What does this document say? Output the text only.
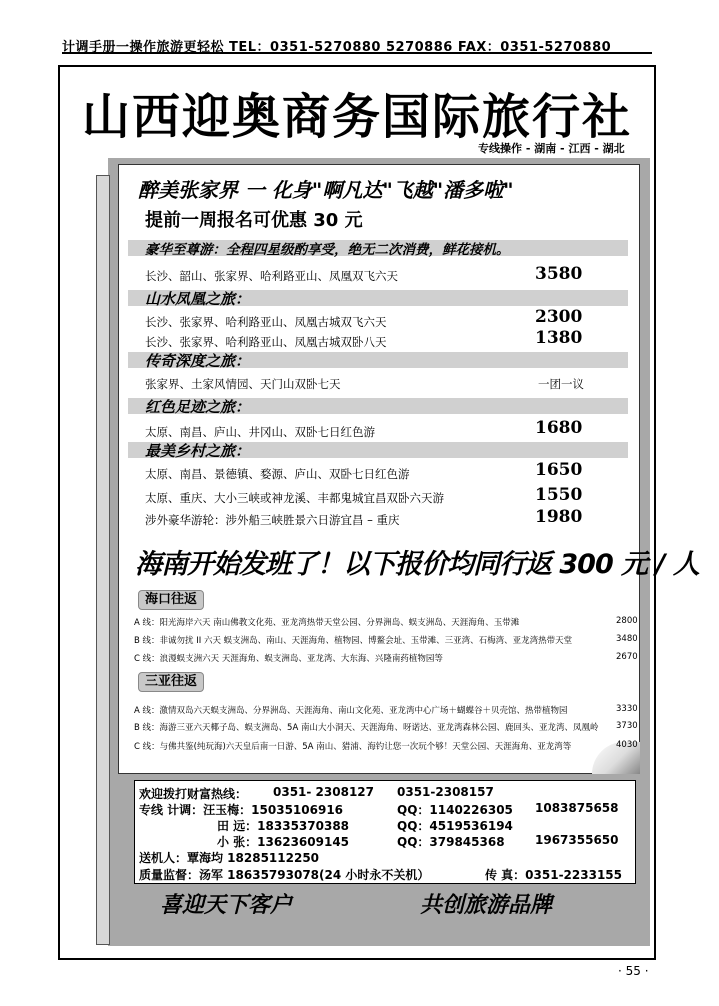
计调手册一操作旅游更轻松 TEL：0351-5270880 5270886 FAX：0351-5270880
山西迎奥商务国际旅行社
专线操作 - 湖南 - 江西 - 湖北
醉美张家界 一 化身"啊凡达"飞越"潘多啦"
提前一周报名可优惠 30 元
豪华至尊游：全程四星级酌享受，绝无二次消费，鲜花接机。
长沙、韶山、张家界、哈利路亚山、凤凰双飞六天	3580
山水凤凰之旅：
长沙、张家界、哈利路亚山、凤凰古城双飞六天	2300
长沙、张家界、哈利路亚山、凤凰古城双卧八天	1380
传奇深度之旅：
张家界、土家风情园、天门山双卧七天	一团一议
红色足迹之旅：
太原、南昌、庐山、井冈山、双卧七日红色游	1680
最美乡村之旅：
太原、南昌、景德镇、婺源、庐山、双卧七日红色游	1650
太原、重庆、大小三峡或神龙溪、丰都鬼城宜昌双卧六天游	1550
涉外豪华游轮：涉外船三峡胜景六日游宜昌 – 重庆	1980
海南开始发班了！以下报价均同行返 300 元 / 人
海口往返
A 线：阳光海岸六天 南山佛教文化苑、亚龙湾热带天堂公园、分界洲岛、蜈支洲岛、天涯海角、玉带滩	2800
B 线：非诚勿扰 II 六天 蜈支洲岛、南山、天涯海角、植物园、博鳌会址、玉带滩、三亚湾、石梅湾、亚龙湾热带天堂	3480
C 线：浪漫蜈支洲六天 天涯海角、蜈支洲岛、亚龙湾、大东海、兴隆南药植物园等	2670
三亚往返
A 线：激情双岛六天蜈支洲岛、分界洲岛、天涯海角、南山文化苑、亚龙湾中心广场＋蝴蝶谷＋贝壳馆、热带植物园	3330
B 线：海游三亚六天椰子岛、蜈支洲岛、5A 南山大小洞天、天涯海角、呀诺达、亚龙湾森林公园、鹿回头、亚龙湾、凤凰岭 3730
C 线：与佛共鉴(纯玩海)六天皇后南一日游、5A 南山、猎浦、海钓让您一次玩个够！天堂公园、天涯海角、亚龙湾等	4030
欢迎拨打财富热线： 0351- 2308127 0351-2308157
专线 计调：汪玉梅：15035106916	QQ：1140226305 1083875658
田 远：18335370388	QQ：451953619​4
小 张：13623609145	QQ：379845368	1967355650
送机人：覃海均 18285112250
质量监督：汤军 18635793078(24 小时永不关机）	传 真：0351-2233155
喜迎天下客户	共创旅游品牌
· 55 ·
